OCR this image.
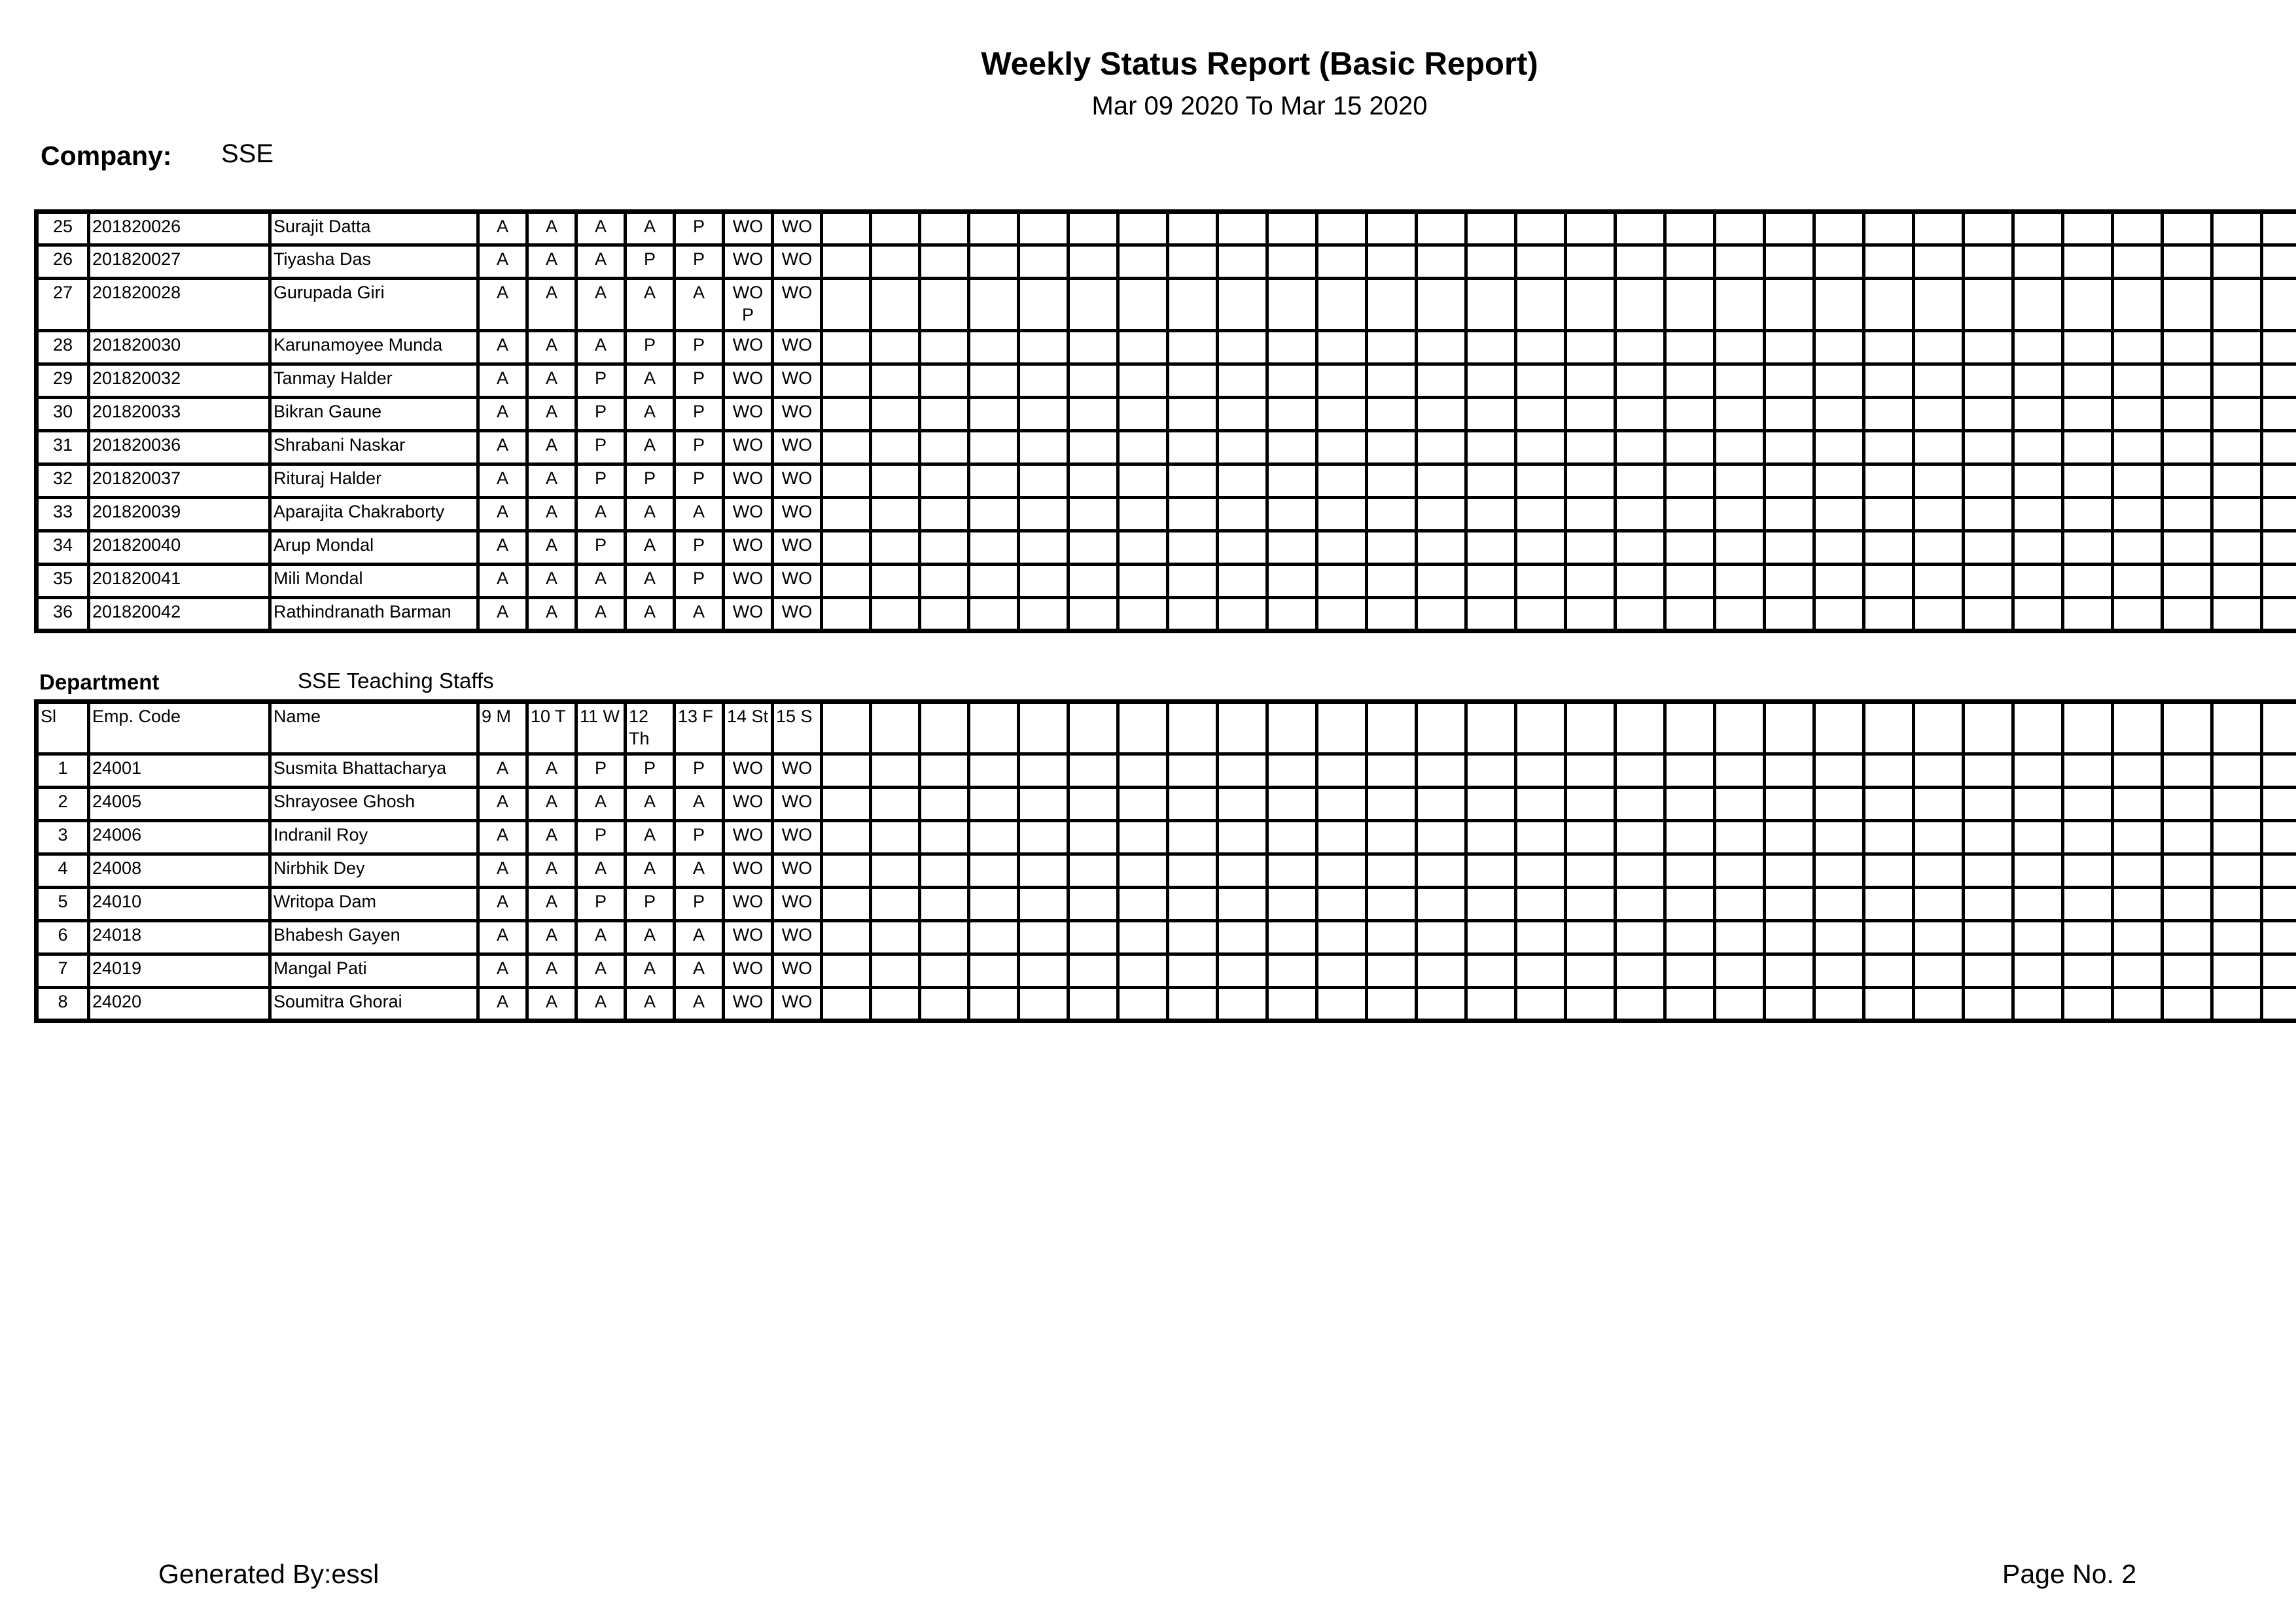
Weekly Status Report (Basic Report)
Mar 09 2020 To Mar 15 2020
Company: SSE
25	201820026	Surajit Datta	A	A	A	A	P	WO	WO																																
26	201820027	Tiyasha Das	A	A	A	P	P	WO	WO																																
27	201820028	Gurupada Giri	A	A	A	A	A	WO P	WO																																
28	201820030	Karunamoyee Munda	A	A	A	P	P	WO	WO																																
29	201820032	Tanmay Halder	A	A	P	A	P	WO	WO																																
30	201820033	Bikran Gaune	A	A	P	A	P	WO	WO																																
31	201820036	Shrabani Naskar	A	A	P	A	P	WO	WO																																
32	201820037	Rituraj Halder	A	A	P	P	P	WO	WO																																
33	201820039	Aparajita Chakraborty	A	A	A	A	A	WO	WO																																
34	201820040	Arup Mondal	A	A	P	A	P	WO	WO																																
35	201820041	Mili Mondal	A	A	A	A	P	WO	WO																																
36	201820042	Rathindranath Barman	A	A	A	A	A	WO	WO																																
Department	SSE Teaching Staffs
Sl	Emp. Code	Name	9 M	10 T	11 W	12 Th	13 F	14 St	15 S																																
1	24001	Susmita Bhattacharya	A	A	P	P	P	WO	WO																																
2	24005	Shrayosee Ghosh	A	A	A	A	A	WO	WO																																
3	24006	Indranil Roy	A	A	P	A	P	WO	WO																																
4	24008	Nirbhik Dey	A	A	A	A	A	WO	WO																																
5	24010	Writopa Dam	A	A	P	P	P	WO	WO																																
6	24018	Bhabesh Gayen	A	A	A	A	A	WO	WO																																
7	24019	Mangal Pati	A	A	A	A	A	WO	WO																																
8	24020	Soumitra Ghorai	A	A	A	A	A	WO	WO																																
Generated By:essl	Page No. 2
